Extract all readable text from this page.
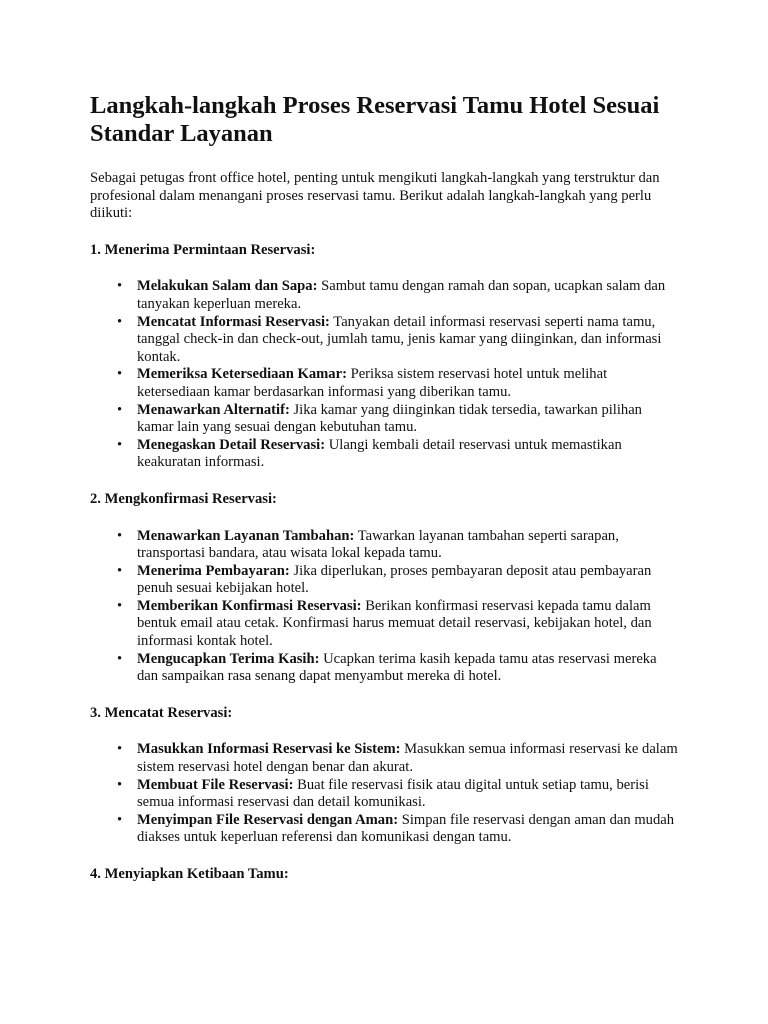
Langkah-langkah Proses Reservasi Tamu Hotel Sesuai Standar Layanan

Sebagai petugas front office hotel, penting untuk mengikuti langkah-langkah yang terstruktur dan profesional dalam menangani proses reservasi tamu. Berikut adalah langkah-langkah yang perlu diikuti:

1. Menerima Permintaan Reservasi:
• Melakukan Salam dan Sapa: Sambut tamu dengan ramah dan sopan, ucapkan salam dan tanyakan keperluan mereka.
• Mencatat Informasi Reservasi: Tanyakan detail informasi reservasi seperti nama tamu, tanggal check-in dan check-out, jumlah tamu, jenis kamar yang diinginkan, dan informasi kontak.
• Memeriksa Ketersediaan Kamar: Periksa sistem reservasi hotel untuk melihat ketersediaan kamar berdasarkan informasi yang diberikan tamu.
• Menawarkan Alternatif: Jika kamar yang diinginkan tidak tersedia, tawarkan pilihan kamar lain yang sesuai dengan kebutuhan tamu.
• Menegaskan Detail Reservasi: Ulangi kembali detail reservasi untuk memastikan keakuratan informasi.
2. Mengkonfirmasi Reservasi:
• Menawarkan Layanan Tambahan: Tawarkan layanan tambahan seperti sarapan, transportasi bandara, atau wisata lokal kepada tamu.
• Menerima Pembayaran: Jika diperlukan, proses pembayaran deposit atau pembayaran penuh sesuai kebijakan hotel.
• Memberikan Konfirmasi Reservasi: Berikan konfirmasi reservasi kepada tamu dalam bentuk email atau cetak. Konfirmasi harus memuat detail reservasi, kebijakan hotel, dan informasi kontak hotel.
• Mengucapkan Terima Kasih: Ucapkan terima kasih kepada tamu atas reservasi mereka dan sampaikan rasa senang dapat menyambut mereka di hotel.
3. Mencatat Reservasi:
• Masukkan Informasi Reservasi ke Sistem: Masukkan semua informasi reservasi ke dalam sistem reservasi hotel dengan benar dan akurat.
• Membuat File Reservasi: Buat file reservasi fisik atau digital untuk setiap tamu, berisi semua informasi reservasi dan detail komunikasi.
• Menyimpan File Reservasi dengan Aman: Simpan file reservasi dengan aman dan mudah diakses untuk keperluan referensi dan komunikasi dengan tamu.
4. Menyiapkan Ketibaan Tamu:
